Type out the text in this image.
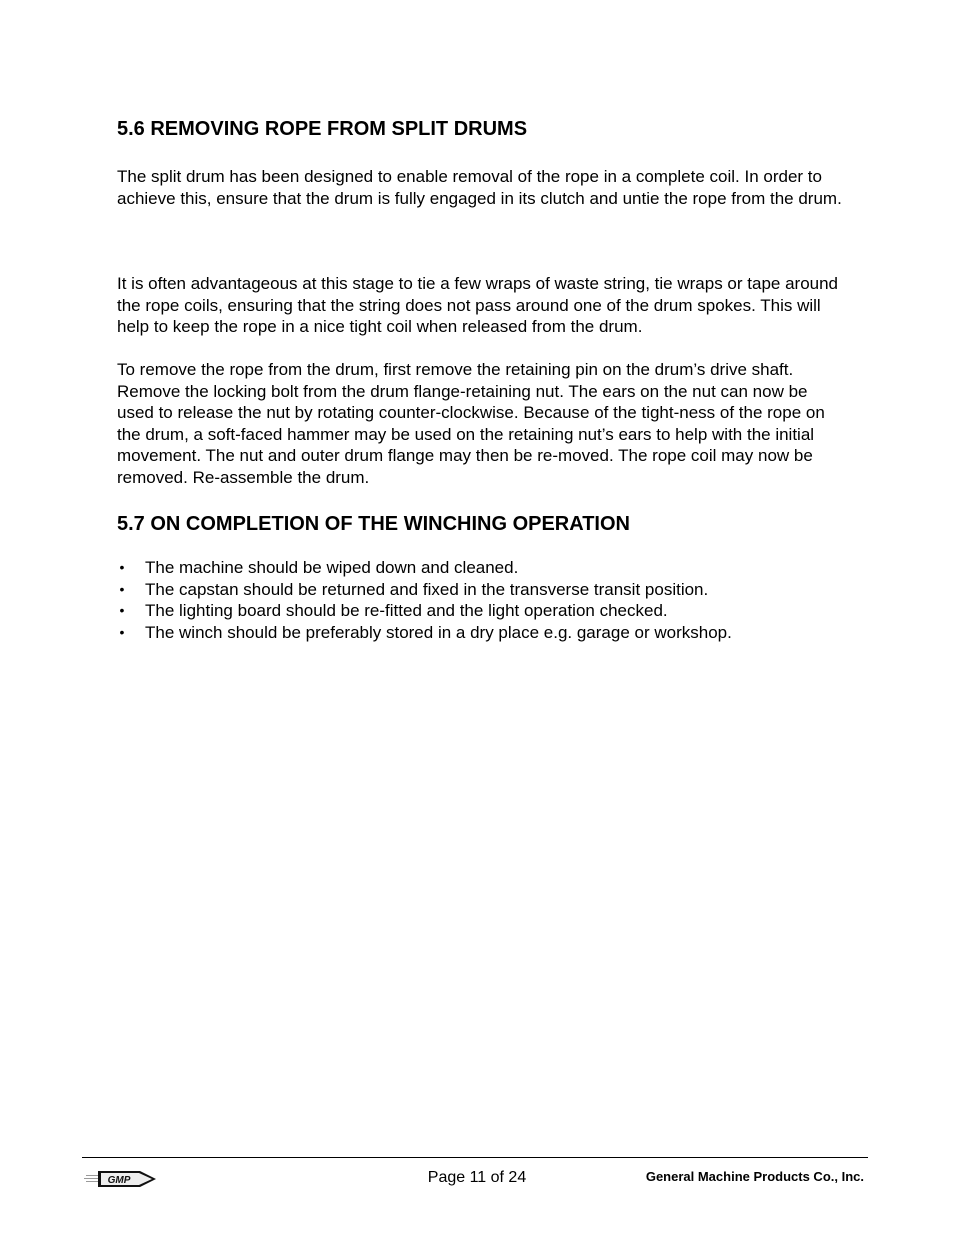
5.6 REMOVING ROPE FROM SPLIT DRUMS

The split drum has been designed to enable removal of the rope in a complete coil. In order to achieve this, ensure that the drum is fully engaged in its clutch and untie the rope from the drum.

It is often advantageous at this stage to tie a few wraps of waste string, tie wraps or tape around the rope coils, ensuring that the string does not pass around one of the drum spokes. This will help to keep the rope in a nice tight coil when released from the drum.

To remove the rope from the drum, first remove the retaining pin on the drum’s drive shaft. Remove the locking bolt from the drum flange-retaining nut. The ears on the nut can now be used to release the nut by rotating counter-clockwise. Because of the tight-ness of the rope on the drum, a soft-faced hammer may be used on the retaining nut’s ears to help with the initial movement. The nut and outer drum flange may then be re-moved. The rope coil may now be removed. Re-assemble the drum.

5.7 ON COMPLETION OF THE WINCHING OPERATION
• The machine should be wiped down and cleaned.
• The capstan should be returned and fixed in the transverse transit position.
• The lighting board should be re-fitted and the light operation checked.
• The winch should be preferably stored in a dry place e.g. garage or workshop.
GMP	Page 11 of 24	General Machine Products Co., Inc.
